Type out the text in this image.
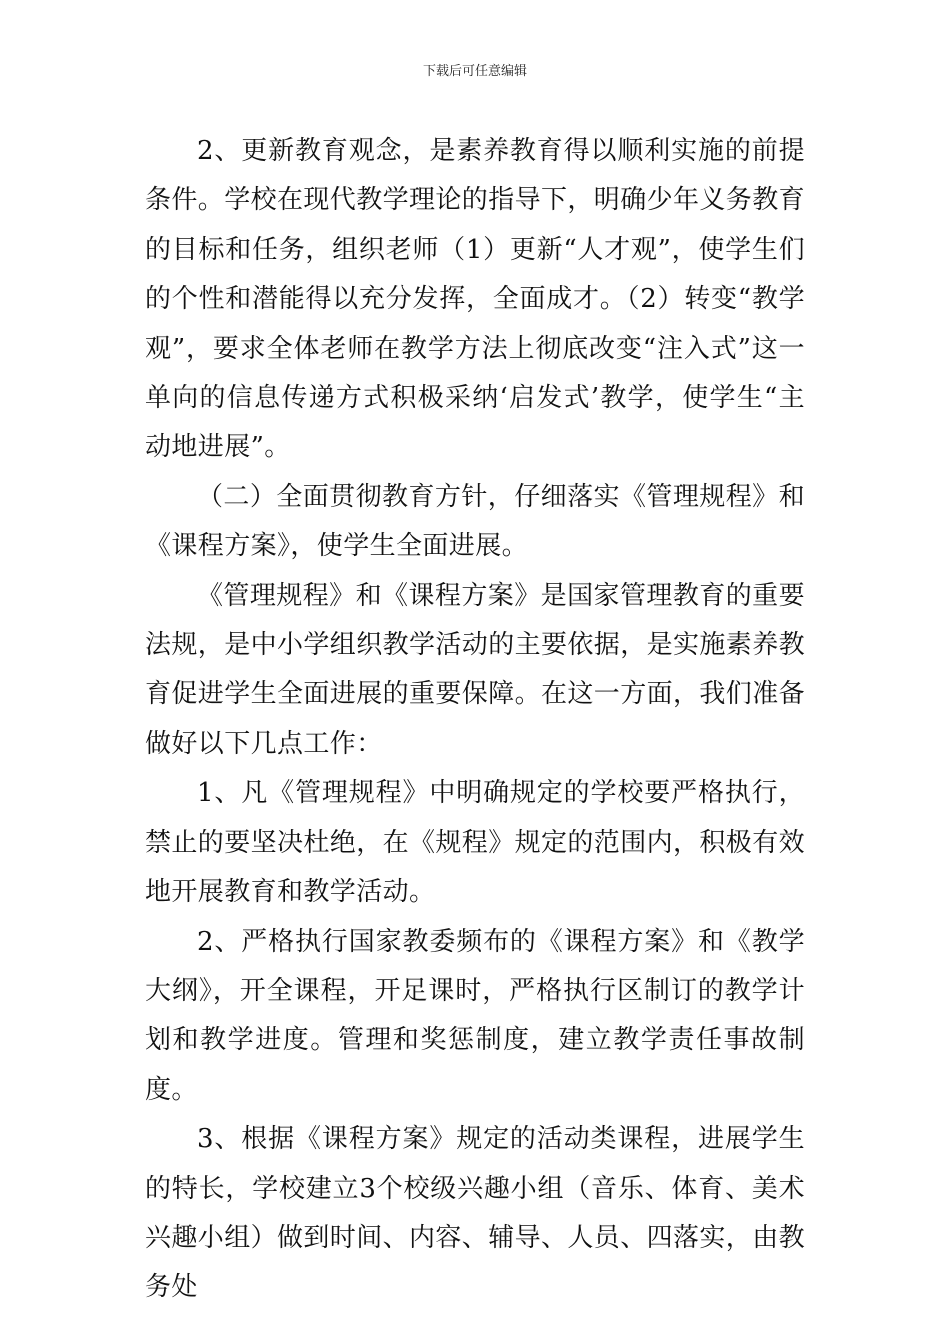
下载后可任意编辑

2、更新教育观念，是素养教育得以顺利实施的前提条件。学校在现代教学理论的指导下，明确少年义务教育的目标和任务，组织老师（1）更新“人才观”，使学生们的个性和潜能得以充分发挥，全面成才。（2）转变“教学观”，要求全体老师在教学方法上彻底改变“注入式”这一单向的信息传递方式积极采纳‘启发式’教学，使学生“主动地进展”。

（二）全面贯彻教育方针，仔细落实《管理规程》和《课程方案》，使学生全面进展。

《管理规程》和《课程方案》是国家管理教育的重要法规，是中小学组织教学活动的主要依据，是实施素养教育促进学生全面进展的重要保障。在这一方面，我们准备做好以下几点工作：

1、凡《管理规程》中明确规定的学校要严格执行，禁止的要坚决杜绝，在《规程》规定的范围内，积极有效地开展教育和教学活动。

2、严格执行国家教委频布的《课程方案》和《教学大纲》，开全课程，开足课时，严格执行区制订的教学计划和教学进度。管理和奖惩制度，建立教学责任事故制度。

3、根据《课程方案》规定的活动类课程，进展学生的特长，学校建立3个校级兴趣小组（音乐、体育、美术兴趣小组）做到时间、内容、辅导、人员、四落实，由教务处
